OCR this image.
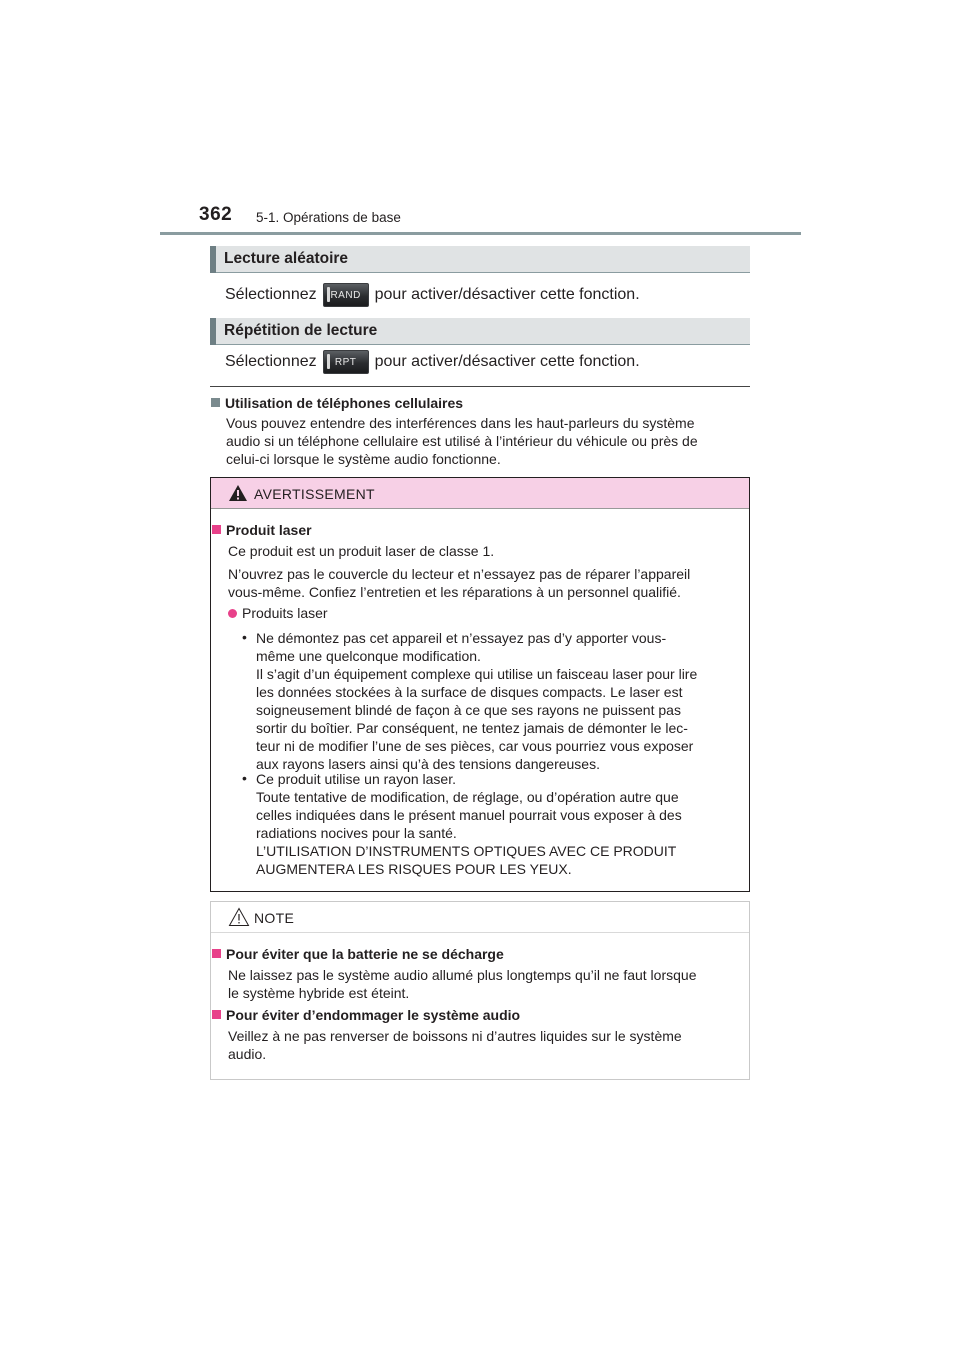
362 5-1. Opérations de base
Lecture aléatoire
Sélectionnez RAND pour activer/désactiver cette fonction.
Répétition de lecture
Sélectionnez RPT pour activer/désactiver cette fonction.
Utilisation de téléphones cellulaires
Vous pouvez entendre des interférences dans les haut-parleurs du système
audio si un téléphone cellulaire est utilisé à l’intérieur du véhicule ou près de
celui-ci lorsque le système audio fonctionne.
AVERTISSEMENT
Produit laser
Ce produit est un produit laser de classe 1.
N’ouvrez pas le couvercle du lecteur et n’essayez pas de réparer l’appareil
vous-même. Confiez l’entretien et les réparations à un personnel qualifié.
Produits laser
• Ne démontez pas cet appareil et n’essayez pas d’y apporter vous-
même une quelconque modification.
Il s’agit d’un équipement complexe qui utilise un faisceau laser pour lire
les données stockées à la surface de disques compacts. Le laser est
soigneusement blindé de façon à ce que ses rayons ne puissent pas
sortir du boîtier. Par conséquent, ne tentez jamais de démonter le lec-
teur ni de modifier l’une de ses pièces, car vous pourriez vous exposer
aux rayons lasers ainsi qu’à des tensions dangereuses.
• Ce produit utilise un rayon laser.
Toute tentative de modification, de réglage, ou d’opération autre que
celles indiquées dans le présent manuel pourrait vous exposer à des
radiations nocives pour la santé.
L’UTILISATION D’INSTRUMENTS OPTIQUES AVEC CE PRODUIT
AUGMENTERA LES RISQUES POUR LES YEUX.
NOTE
Pour éviter que la batterie ne se décharge
Ne laissez pas le système audio allumé plus longtemps qu’il ne faut lorsque
le système hybride est éteint.
Pour éviter d’endommager le système audio
Veillez à ne pas renverser de boissons ni d’autres liquides sur le système
audio.
